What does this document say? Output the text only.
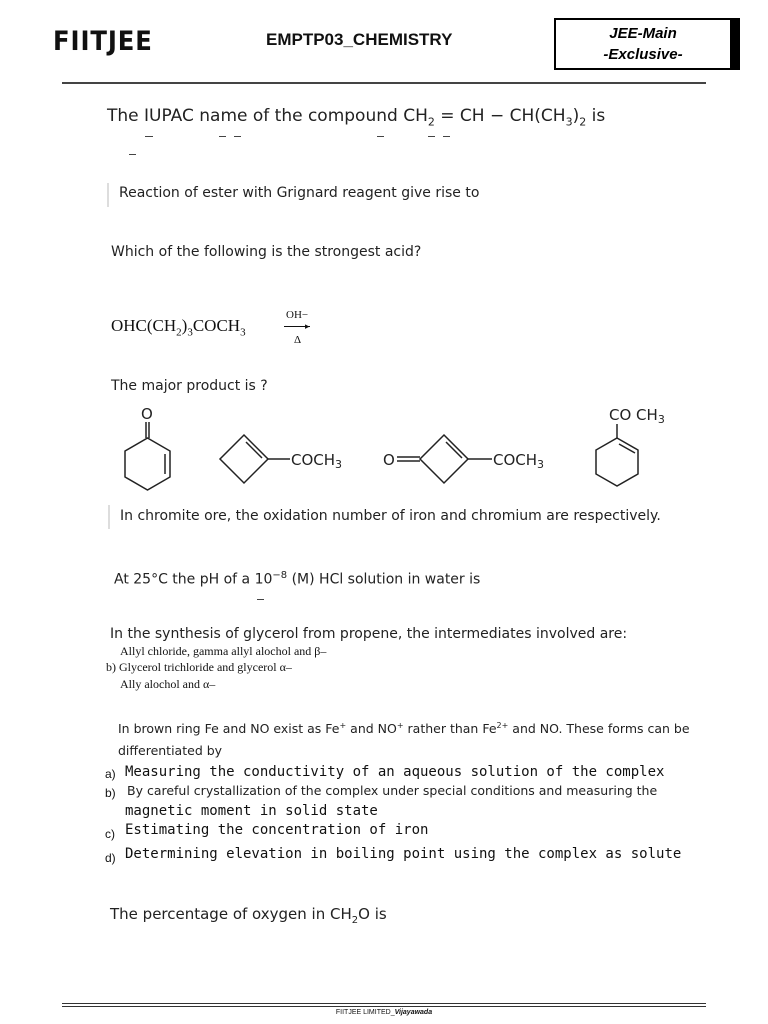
FIITJEE	EMPTP03_CHEMISTRY	JEE-Main
-Exclusive-
The IUPAC name of the compound $CH_2$ = CH − $CH(CH_3)_2$ is
Reaction of ester with Grignard reagent give rise to
Which of the following is the strongest acid?
$OHC(CH_2)_3COCH_3$
OH−
▸
Δ
The major product is ?
O
$COCH_3$	O	$COCH_3$
CO $CH_3$
In chromite ore, the oxidation number of iron and chromium are respectively.
At 25°C the pH of a $10^{-8}$ (M) HCl solution in water is
In the synthesis of glycerol from propene, the intermediates involved are:
Allyl chloride, gamma allyl alochol and β–
b) Glycerol trichloride and glycerol α–
Ally alochol and α–
In brown ring Fe and NO exist as Fe+ and NO+ rather than $Fe^{2+}$ and NO. These forms can be
differentiated by
a) Measuring the conductivity of an aqueous solution of the complex
b) By careful crystallization of the complex under special conditions and measuring the
magnetic moment in solid state
c) Estimating the concentration of iron
d) Determining elevation in boiling point using the complex as solute
The percentage of oxygen in $CH_2O$ is
FIITJEE LIMITED_Vijayawada
